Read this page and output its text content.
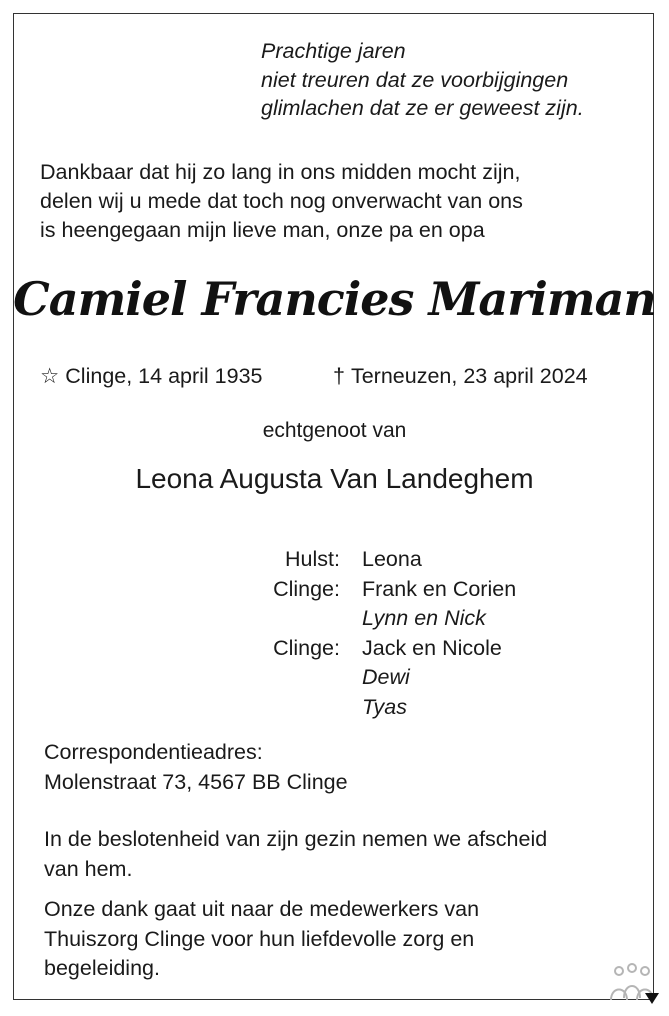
Prachtige jaren
niet treuren dat ze voorbijgingen
glimlachen dat ze er geweest zijn.
Dankbaar dat hij zo lang in ons midden mocht zijn,
delen wij u mede dat toch nog onverwacht van ons
is heengegaan mijn lieve man, onze pa en opa
Camiel Francies Mariman
☆ Clinge, 14 april 1935	† Terneuzen, 23 april 2024
echtgenoot van
Leona Augusta Van Landeghem
Hulst:	Leona
Clinge:	Frank en Corien
Lynn en Nick
Clinge:	Jack en Nicole
Dewi
Tyas
Correspondentieadres:
Molenstraat 73, 4567 BB Clinge
In de beslotenheid van zijn gezin nemen we afscheid
van hem.
Onze dank gaat uit naar de medewerkers van
Thuiszorg Clinge voor hun liefdevolle zorg en
begeleiding.
